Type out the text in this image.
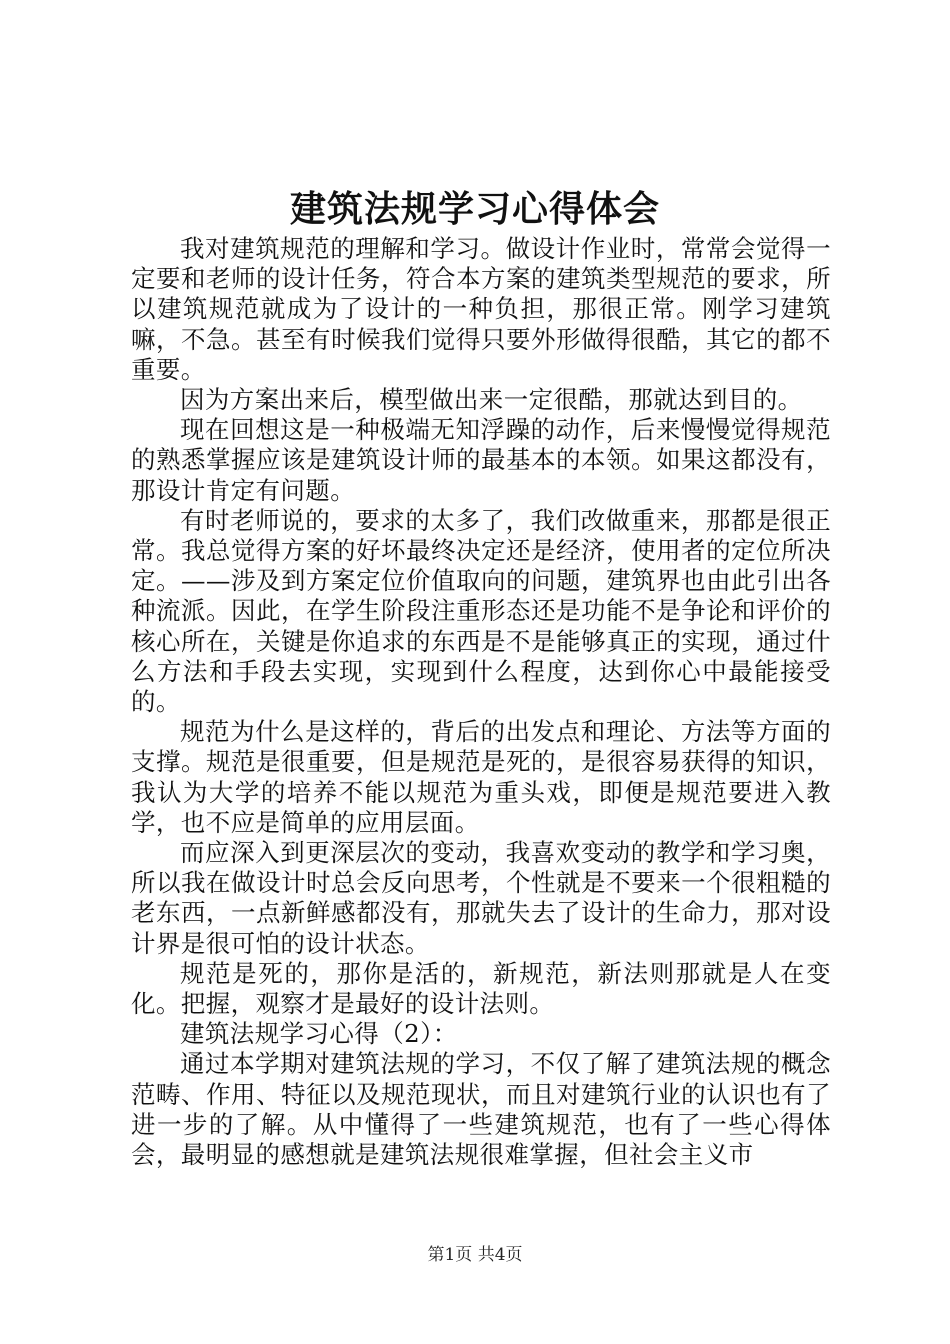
建筑法规学习心得体会

我对建筑规范的理解和学习。做设计作业时，常常会觉得一定要和老师的设计任务，符合本方案的建筑类型规范的要求，所以建筑规范就成为了设计的一种负担，那很正常。刚学习建筑嘛，不急。甚至有时候我们觉得只要外形做得很酷，其它的都不重要。

因为方案出来后，模型做出来一定很酷，那就达到目的。

现在回想这是一种极端无知浮躁的动作，后来慢慢觉得规范的熟悉掌握应该是建筑设计师的最基本的本领。如果这都没有，那设计肯定有问题。

有时老师说的，要求的太多了，我们改做重来，那都是很正常。我总觉得方案的好坏最终决定还是经济，使用者的定位所决定。——涉及到方案定位价值取向的问题，建筑界也由此引出各种流派。因此，在学生阶段注重形态还是功能不是争论和评价的核心所在，关键是你追求的东西是不是能够真正的实现，通过什么方法和手段去实现，实现到什么程度，达到你心中最能接受的。

规范为什么是这样的，背后的出发点和理论、方法等方面的支撑。规范是很重要，但是规范是死的，是很容易获得的知识，我认为大学的培养不能以规范为重头戏，即便是规范要进入教学，也不应是简单的应用层面。

而应深入到更深层次的变动，我喜欢变动的教学和学习奥，所以我在做设计时总会反向思考，个性就是不要来一个很粗糙的老东西，一点新鲜感都没有，那就失去了设计的生命力，那对设计界是很可怕的设计状态。

规范是死的，那你是活的，新规范，新法则那就是人在变化。把握，观察才是最好的设计法则。

建筑法规学习心得（2）：

通过本学期对建筑法规的学习，不仅了解了建筑法规的概念范畴、作用、特征以及规范现状，而且对建筑行业的认识也有了进一步的了解。从中懂得了一些建筑规范，也有了一些心得体会，最明显的感想就是建筑法规很难掌握，但社会主义市

第1页 共4页
